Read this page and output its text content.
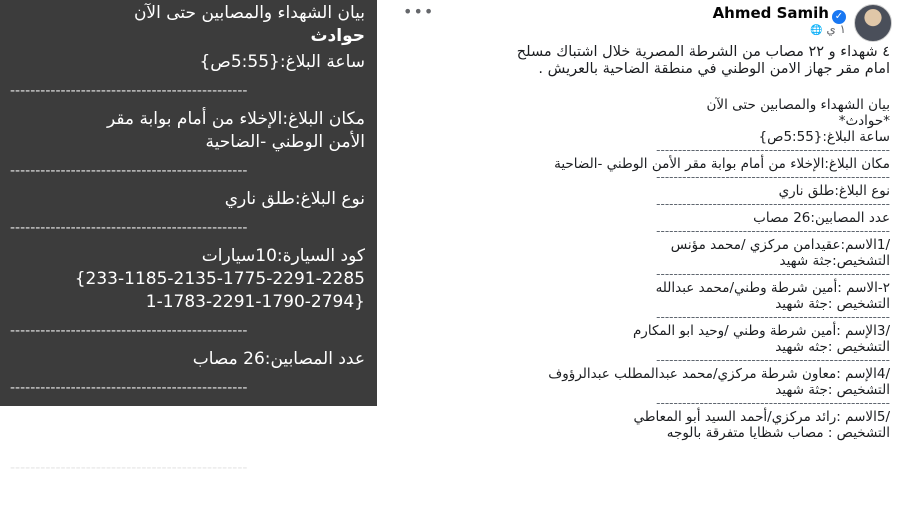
بيان الشهداء والمصابين حتى الآن
حوادث
ساعة البلاغ:{5:55ص}
-----------------------------------------------
مكان البلاغ:الإخلاء من أمام بوابة مقر
الأمن الوطني -الضاحية
-----------------------------------------------
نوع البلاغ:طلق ناري
-----------------------------------------------
كود السيارة:10سيارات
{233-1185-2135-1775-2291-2285
1-1783-2291-1790-2794}
-----------------------------------------------
عدد المصابين:26 مصاب
-----------------------------------------------
/1الاسم:عقيدامن مركزي /محمد مؤنس
التشخيص:جثة شهيد
-----------------------------------------------
٢-الاسم :أمين شرطة وطني/محمد عبدالله
التشخيص:جثة شهيد
•••	Ahmed Samih ✓
🌐 ١ ي
٤ شهداء و ٢٢ مصاب من الشرطة المصرية خلال اشتباك مسلح
امام مقر جهاز الامن الوطني في منطقة الضاحية بالعريش .
بيان الشهداء والمصابين حتى الآن
*حوادث*
ساعة البلاغ:{5:55ص}
------------------------------------------------------
مكان البلاغ:الإخلاء من أمام بوابة مقر الأمن الوطني -الضاحية
------------------------------------------------------
نوع البلاغ:طلق ناري
------------------------------------------------------
عدد المصابين:26 مصاب
------------------------------------------------------
/1الاسم:عقيدامن مركزي /محمد مؤنس
التشخيص:جثة شهيد
------------------------------------------------------
٢-الاسم :أمين شرطة وطني/محمد عبدالله
التشخيص :جثة شهيد
------------------------------------------------------
/3الإسم :أمين شرطة وطني /وحيد ابو المكارم
التشخيص :جثه شهيد
------------------------------------------------------
/4الإسم :معاون شرطة مركزي/محمد عبدالمطلب عبدالرؤوف
التشخيص :جثة شهيد
------------------------------------------------------
/5الاسم :رائد مركزي/أحمد السيد أبو المعاطي
التشخيص : مصاب شظايا متفرقة بالوجه
